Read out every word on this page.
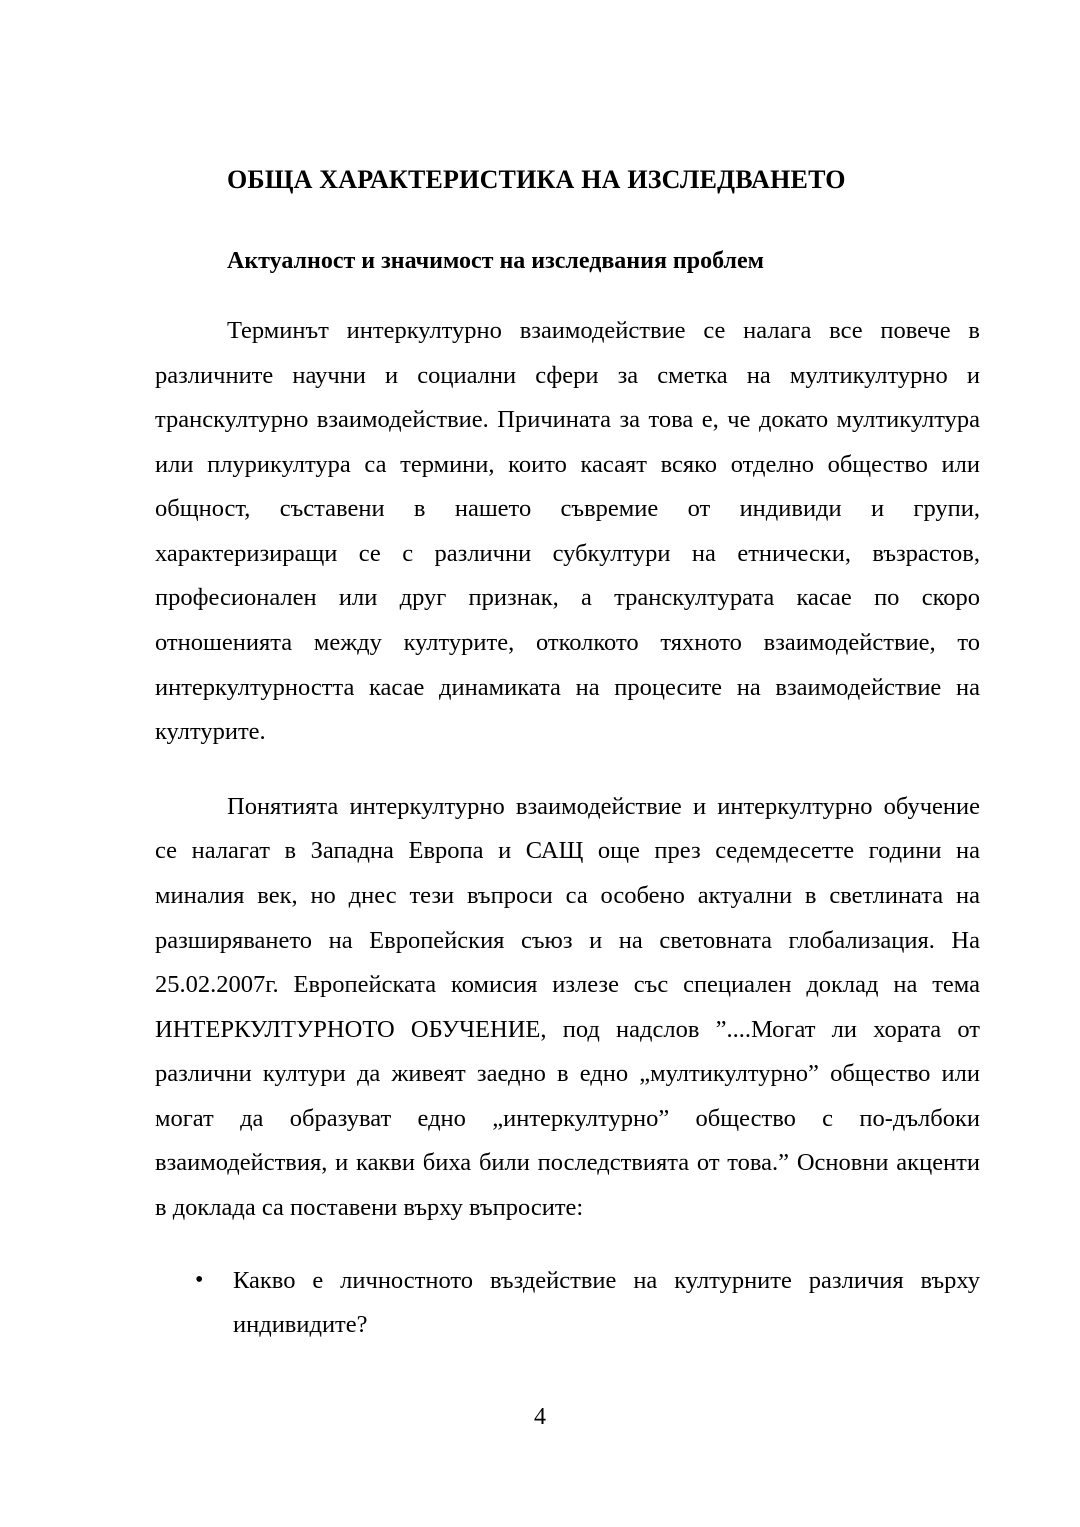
ОБЩА ХАРАКТЕРИСТИКА НА ИЗСЛЕДВАНЕТО
Актуалност и значимост на изследвания проблем

Терминът интеркултурно взаимодействие се налага все повече в различните научни и социални сфери за сметка на мултикултурно и транскултурно взаимодействие. Причината за това е, че докато мултикултура или плурикултура са термини, които касаят всяко отделно общество или общност, съставени в нашето съвремие от индивиди и групи, характеризиращи се с различни субкултури на етнически, възрастов, професионален или друг признак, а транскултурата касае по скоро отношенията между културите, отколкото тяхното взаимодействие, то интеркултурността касае динамиката на процесите на взаимодействие на културите.

Понятията интеркултурно взаимодействие и интеркултурно обучение се налагат в Западна Европа и САЩ още през седемдесетте години на миналия век, но днес тези въпроси са особено актуални в светлината на разширяването на Европейския съюз и на световната глобализация. На 25.02.2007г. Европейската комисия излезе със специален доклад на тема ИНТЕРКУЛТУРНОТО ОБУЧЕНИЕ, под надслов ”....Могат ли хората от различни култури да живеят заедно в едно „мултикултурно” общество или могат да образуват едно „интеркултурно” общество с по-дълбоки взаимодействия, и какви биха били последствията от това.” Основни акценти в доклада са поставени върху въпросите:

• Какво е личностното въздействие на културните различия върху индивидите?
4
